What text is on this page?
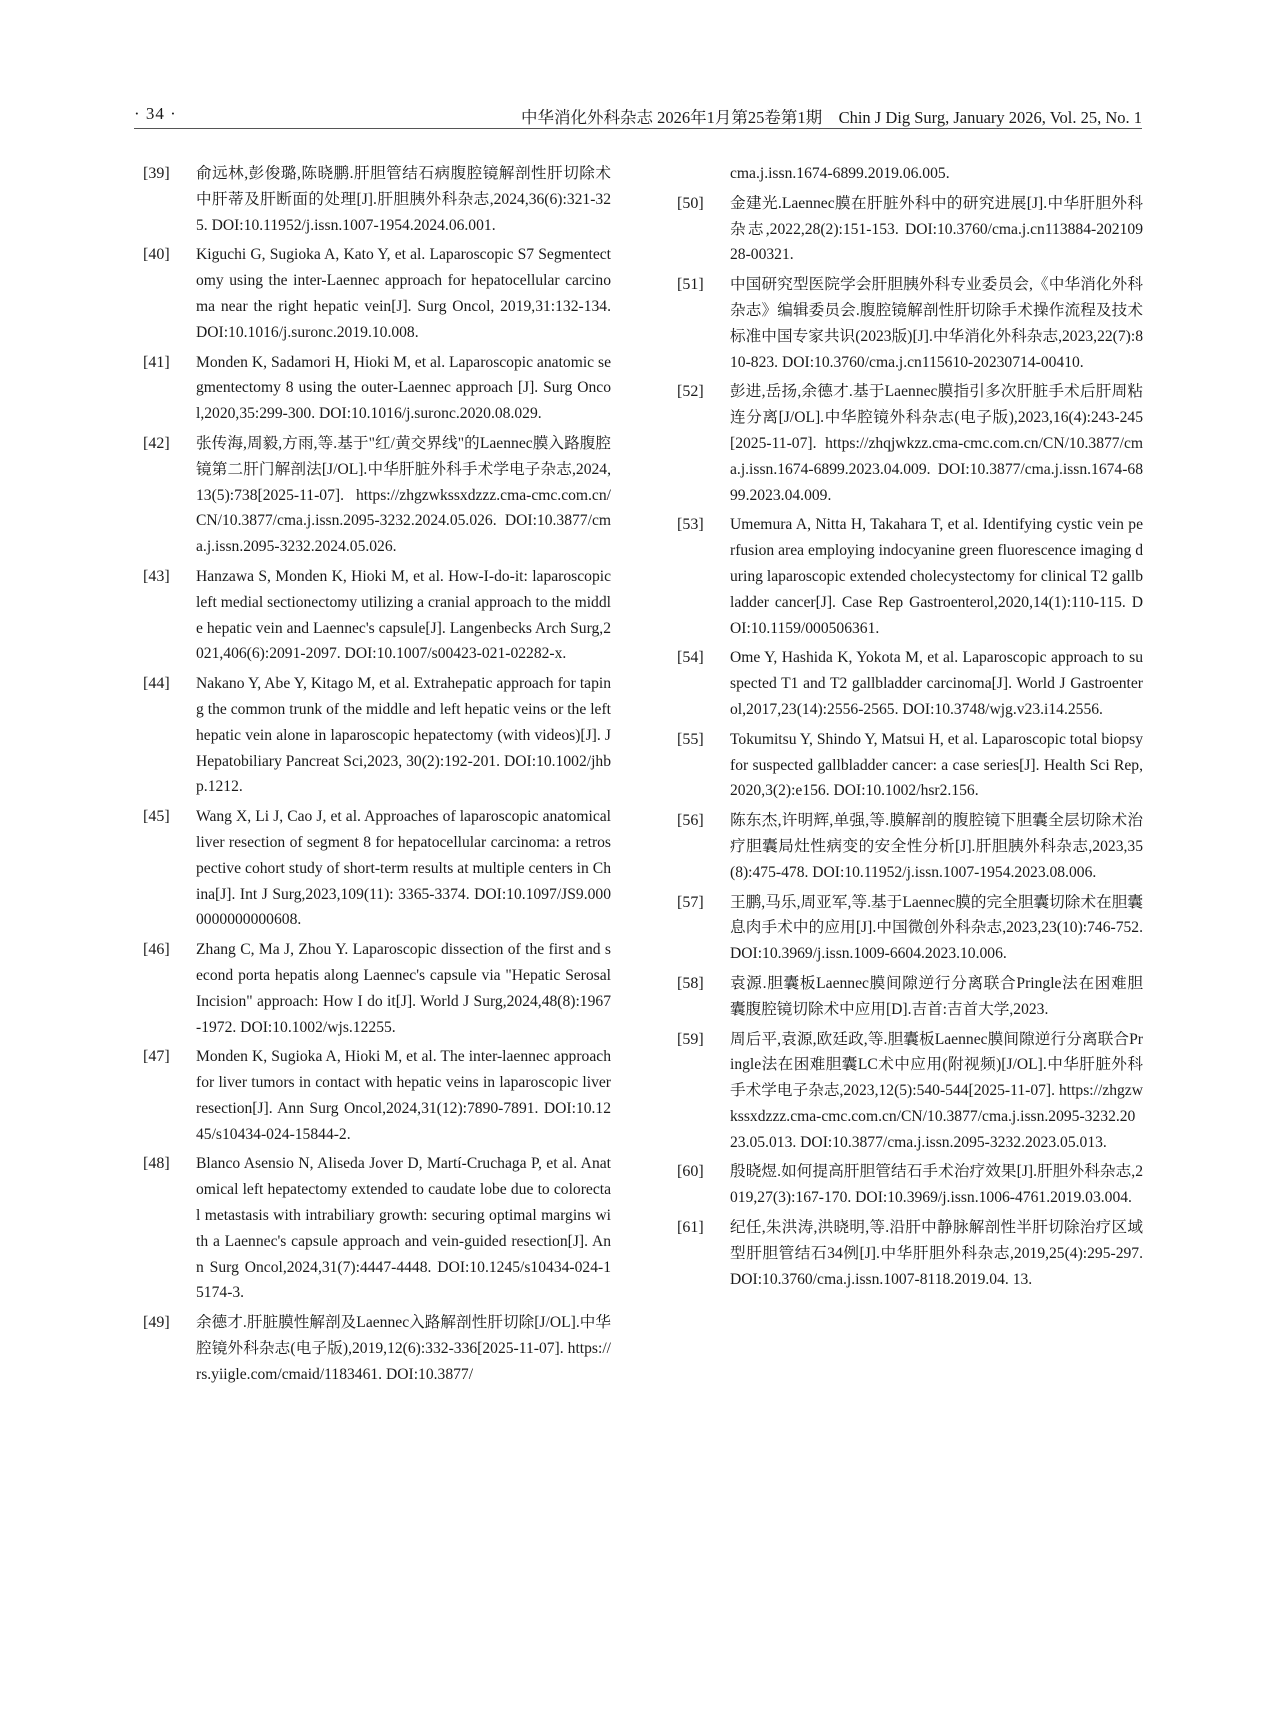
· 34 ·	中华消化外科杂志 2026年1月第25卷第1期　Chin J Dig Surg, January 2026, Vol. 25, No. 1
[39] 俞远林,彭俊璐,陈晓鹏.肝胆管结石病腹腔镜解剖性肝切除术中肝蒂及肝断面的处理[J].肝胆胰外科杂志,2024,36(6):321-325. DOI:10.11952/j.issn.1007-1954.2024.06.001.
[40] Kiguchi G, Sugioka A, Kato Y, et al. Laparoscopic S7 Segmentectomy using the inter-Laennec approach for hepatocellular carcinoma near the right hepatic vein[J]. Surg Oncol, 2019,31:132-134. DOI:10.1016/j.suronc.2019.10.008.
[41] Monden K, Sadamori H, Hioki M, et al. Laparoscopic anatomic segmentectomy 8 using the outer-Laennec approach [J]. Surg Oncol,2020,35:299-300. DOI:10.1016/j.suronc.2020.08.029.
[42] 张传海,周毅,方雨,等.基于"红/黄交界线"的Laennec膜入路腹腔镜第二肝门解剖法[J/OL].中华肝脏外科手术学电子杂志,2024,13(5):738[2025-11-07]. https://zhgzwkssxdzzz.cma-cmc.com.cn/CN/10.3877/cma.j.issn.2095-3232.2024.05.026. DOI:10.3877/cma.j.issn.2095-3232.2024.05.026.
[43] Hanzawa S, Monden K, Hioki M, et al. How-I-do-it: laparoscopic left medial sectionectomy utilizing a cranial approach to the middle hepatic vein and Laennec's capsule[J]. Langenbecks Arch Surg,2021,406(6):2091-2097. DOI:10.1007/s00423-021-02282-x.
[44] Nakano Y, Abe Y, Kitago M, et al. Extrahepatic approach for taping the common trunk of the middle and left hepatic veins or the left hepatic vein alone in laparoscopic hepatectomy (with videos)[J]. J Hepatobiliary Pancreat Sci,2023, 30(2):192-201. DOI:10.1002/jhbp.1212.
[45] Wang X, Li J, Cao J, et al. Approaches of laparoscopic anatomical liver resection of segment 8 for hepatocellular carcinoma: a retrospective cohort study of short-term results at multiple centers in China[J]. Int J Surg,2023,109(11): 3365-3374. DOI:10.1097/JS9.0000000000000608.
[46] Zhang C, Ma J, Zhou Y. Laparoscopic dissection of the first and second porta hepatis along Laennec's capsule via "Hepatic Serosal Incision" approach: How I do it[J]. World J Surg,2024,48(8):1967-1972. DOI:10.1002/wjs.12255.
[47] Monden K, Sugioka A, Hioki M, et al. The inter-laennec approach for liver tumors in contact with hepatic veins in laparoscopic liver resection[J]. Ann Surg Oncol,2024,31(12):7890-7891. DOI:10.1245/s10434-024-15844-2.
[48] Blanco Asensio N, Aliseda Jover D, Martí-Cruchaga P, et al. Anatomical left hepatectomy extended to caudate lobe due to colorectal metastasis with intrabiliary growth: securing optimal margins with a Laennec's capsule approach and vein-guided resection[J]. Ann Surg Oncol,2024,31(7):4447-4448. DOI:10.1245/s10434-024-15174-3.
[49] 余德才.肝脏膜性解剖及Laennec入路解剖性肝切除[J/OL].中华腔镜外科杂志(电子版),2019,12(6):332-336[2025-11-07]. https://rs.yiigle.com/cmaid/1183461. DOI:10.3877/
cma.j.issn.1674-6899.2019.06.005.
[50] 金建光.Laennec膜在肝脏外科中的研究进展[J].中华肝胆外科杂志,2022,28(2):151-153. DOI:10.3760/cma.j.cn113884-20210928-00321.
[51] 中国研究型医院学会肝胆胰外科专业委员会,《中华消化外科杂志》编辑委员会.腹腔镜解剖性肝切除手术操作流程及技术标准中国专家共识(2023版)[J].中华消化外科杂志,2023,22(7):810-823. DOI:10.3760/cma.j.cn115610-20230714-00410.
[52] 彭进,岳扬,余德才.基于Laennec膜指引多次肝脏手术后肝周粘连分离[J/OL].中华腔镜外科杂志(电子版),2023,16(4):243-245[2025-11-07]. https://zhqjwkzz.cma-cmc.com.cn/CN/10.3877/cma.j.issn.1674-6899.2023.04.009. DOI:10.3877/cma.j.issn.1674-6899.2023.04.009.
[53] Umemura A, Nitta H, Takahara T, et al. Identifying cystic vein perfusion area employing indocyanine green fluorescence imaging during laparoscopic extended cholecystectomy for clinical T2 gallbladder cancer[J]. Case Rep Gastroenterol,2020,14(1):110-115. DOI:10.1159/000506361.
[54] Ome Y, Hashida K, Yokota M, et al. Laparoscopic approach to suspected T1 and T2 gallbladder carcinoma[J]. World J Gastroenterol,2017,23(14):2556-2565. DOI:10.3748/wjg.v23.i14.2556.
[55] Tokumitsu Y, Shindo Y, Matsui H, et al. Laparoscopic total biopsy for suspected gallbladder cancer: a case series[J]. Health Sci Rep,2020,3(2):e156. DOI:10.1002/hsr2.156.
[56] 陈东杰,许明辉,单强,等.膜解剖的腹腔镜下胆囊全层切除术治疗胆囊局灶性病变的安全性分析[J].肝胆胰外科杂志,2023,35(8):475-478. DOI:10.11952/j.issn.1007-1954.2023.08.006.
[57] 王鹏,马乐,周亚军,等.基于Laennec膜的完全胆囊切除术在胆囊息肉手术中的应用[J].中国微创外科杂志,2023,23(10):746-752. DOI:10.3969/j.issn.1009-6604.2023.10.006.
[58] 袁源.胆囊板Laennec膜间隙逆行分离联合Pringle法在困难胆囊腹腔镜切除术中应用[D].吉首:吉首大学,2023.
[59] 周后平,袁源,欧廷政,等.胆囊板Laennec膜间隙逆行分离联合Pringle法在困难胆囊LC术中应用(附视频)[J/OL].中华肝脏外科手术学电子杂志,2023,12(5):540-544[2025-11-07]. https://zhgzwkssxdzzz.cma-cmc.com.cn/CN/10.3877/cma.j.issn.2095-3232.2023.05.013. DOI:10.3877/cma.j.issn.2095-3232.2023.05.013.
[60] 殷晓煜.如何提高肝胆管结石手术治疗效果[J].肝胆外科杂志,2019,27(3):167-170. DOI:10.3969/j.issn.1006-4761.2019.03.004.
[61] 纪任,朱洪涛,洪晓明,等.沿肝中静脉解剖性半肝切除治疗区域型肝胆管结石34例[J].中华肝胆外科杂志,2019,25(4):295-297. DOI:10.3760/cma.j.issn.1007-8118.2019.04. 13.
